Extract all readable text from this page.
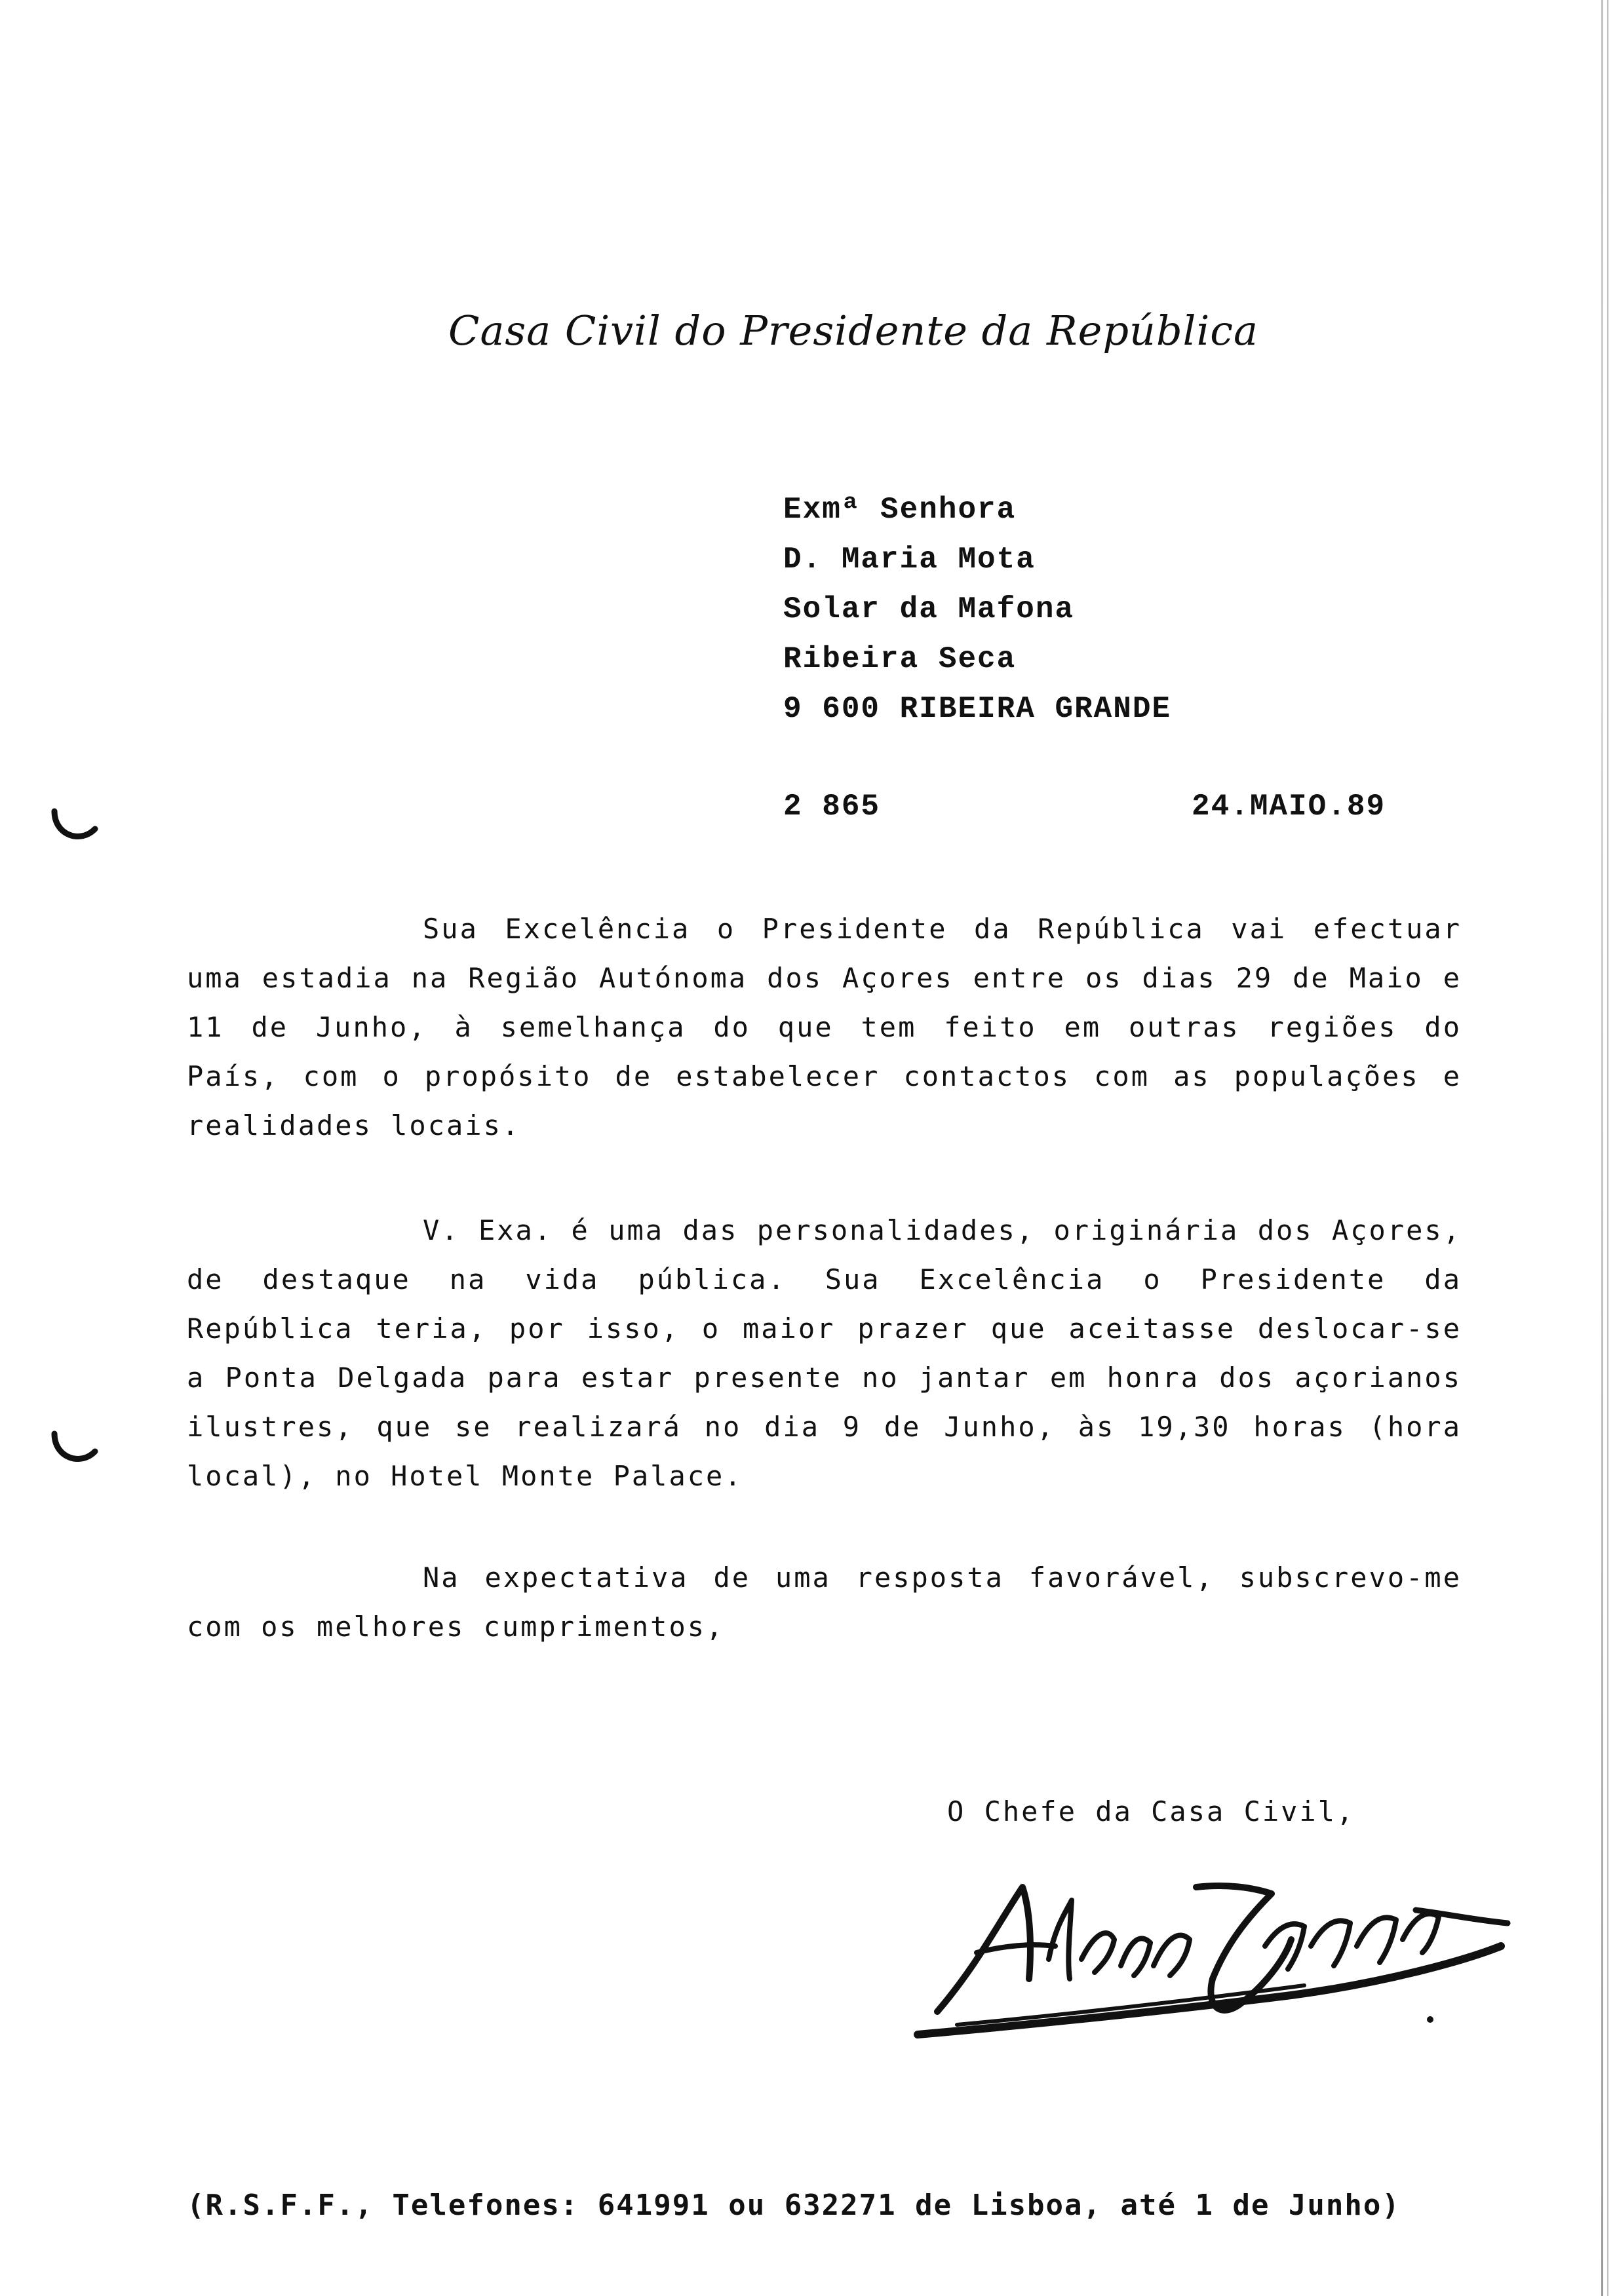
Casa Civil do Presidente da República
Exmª Senhora
D. Maria Mota
Solar da Mafona
Ribeira Seca
9 600 RIBEIRA GRANDE
2 865	24.MAIO.89

Sua Excelência o Presidente da República vai efectuar uma estadia na Região Autónoma dos Açores entre os dias 29 de Maio e 11 de Junho, à semelhança do que tem feito em outras regiões do País, com o propósito de estabelecer contactos com as populações e realidades locais.

V. Exa. é uma das personalidades, originária dos Açores, de destaque na vida pública. Sua Excelência o Presidente da República teria, por isso, o maior prazer que aceitasse deslocar-se a Ponta Delgada para estar presente no jantar em honra dos açorianos ilustres, que se realizará no dia 9 de Junho, às 19,30 horas (hora local), no Hotel Monte Palace.

Na expectativa de uma resposta favorável, subscrevo-me com os melhores cumprimentos,

O Chefe da Casa Civil,
(R.S.F.F., Telefones: 641991 ou 632271 de Lisboa, até 1 de Junho)
